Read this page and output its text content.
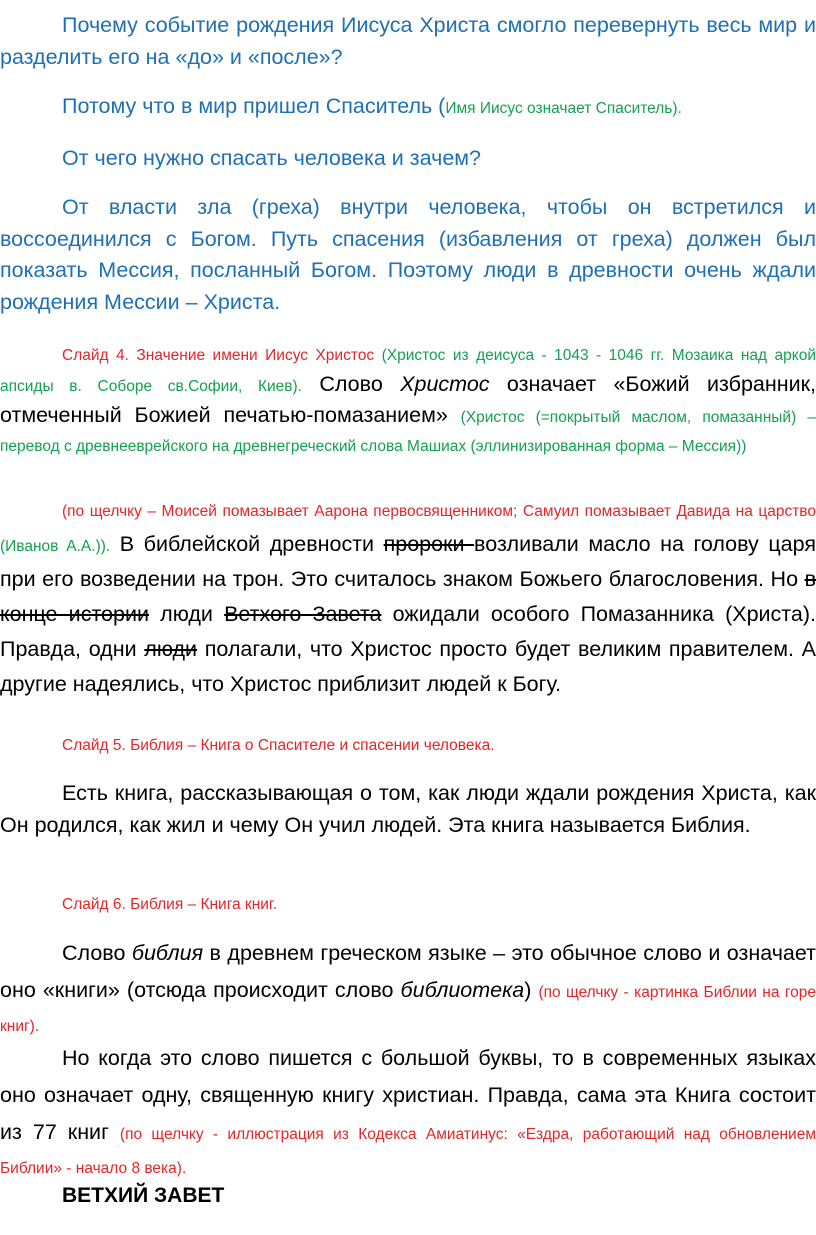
Почему событие рождения Иисуса Христа смогло перевернуть весь мир и разделить его на «до» и «после»?

Потому что в мир пришел Спаситель (Имя Иисус означает Спаситель).

От чего нужно спасать человека и зачем?

От власти зла (греха) внутри человека, чтобы он встретился и воссоединился с Богом. Путь спасения (избавления от греха) должен был показать Мессия, посланный Богом. Поэтому люди в древности очень ждали рождения Мессии – Христа.

Слайд 4. Значение имени Иисус Христос (Христос из деисуса - 1043 - 1046 гг. Мозаика над аркой апсиды в. Соборе св.Софии, Киев). Слово Христос означает «Божий избранник, отмеченный Божией печатью-помазанием» (Христос (=покрытый маслом, помазанный) – перевод с древнееврейского на древнегреческий слова Машиах (эллинизированная форма – Мессия))

(по щелчку – Моисей помазывает Аарона первосвященником; Самуил помазывает Давида на царство (Иванов А.А.)). В библейской древности пророки возливали масло на голову царя при его возведении на трон. Это считалось знаком Божьего благословения. Но в конце истории люди Ветхого Завета ожидали особого Помазанника (Христа). Правда, одни люди полагали, что Христос просто будет великим правителем. А другие надеялись, что Христос приблизит людей к Богу.

Слайд 5. Библия – Книга о Спасителе и спасении человека.

Есть книга, рассказывающая о том, как люди ждали рождения Христа, как Он родился, как жил и чему Он учил людей. Эта книга называется Библия.

Слайд 6. Библия – Книга книг.

Слово библия в древнем греческом языке – это обычное слово и означает оно «книги» (отсюда происходит слово библиотека) (по щелчку - картинка Библии на горе книг).

Но когда это слово пишется с большой буквы, то в современных языках оно означает одну, священную книгу христиан. Правда, сама эта Книга состоит из 77 книг (по щелчку - иллюстрация из Кодекса Амиатинус: «Ездра, работающий над обновлением Библии» - начало 8 века).

ВЕТХИЙ ЗАВЕТ
